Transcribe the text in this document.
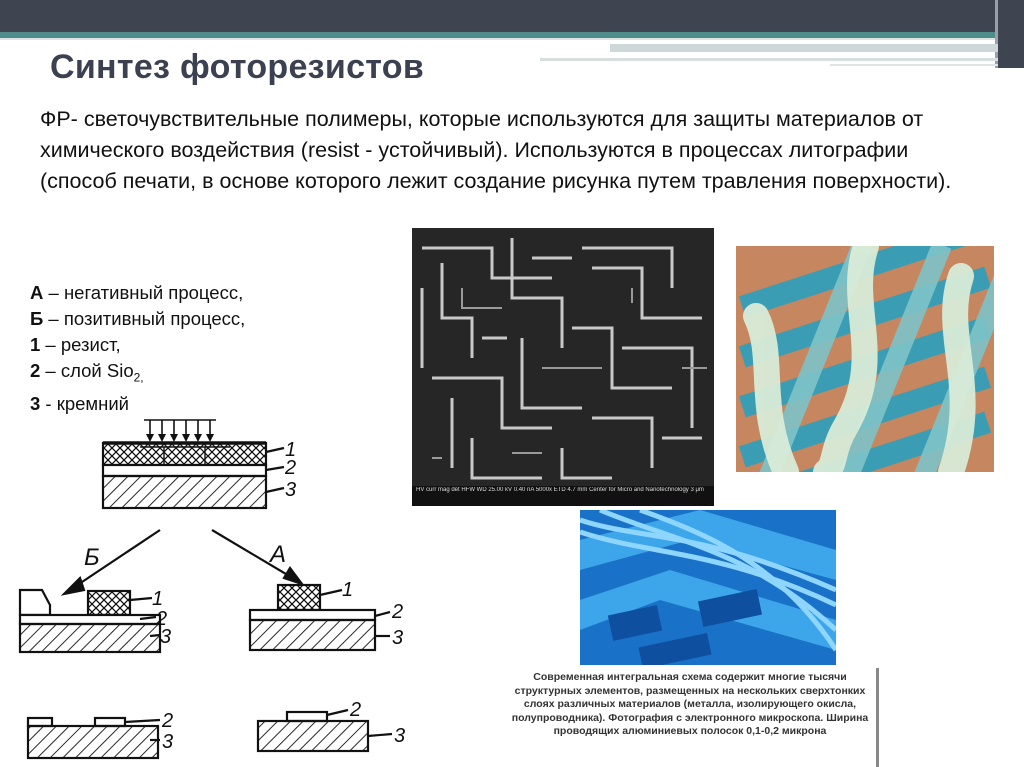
Синтез фоторезистов

ФР- светочувствительные полимеры, которые используются для защиты материалов от химического воздействия (resist - устойчивый). Используются в процессах литографии (способ печати, в основе которого лежит создание рисунка путем травления поверхности).

А – негативный процесс,
Б – позитивный процесс,
1 – резист,
2 – слой Sio$_{2,}$
3 - кремний
1
2
3
Б	А
1
2
3
1
2
3
2
3
2
3
HV curr mag det HFW WD 25.00 kV 0.40 nA 5000x ETD 4.7 mm Center for Micro and Nanotechnology 3 μm

Современная интегральная схема содержит многие тысячи структурных элементов, размещенных на нескольких сверхтонких слоях различных материалов (металла, изолирующего окисла, полупроводника). Фотография с электронного микроскопа. Ширина проводящих алюминиевых полосок 0,1-0,2 микрона
